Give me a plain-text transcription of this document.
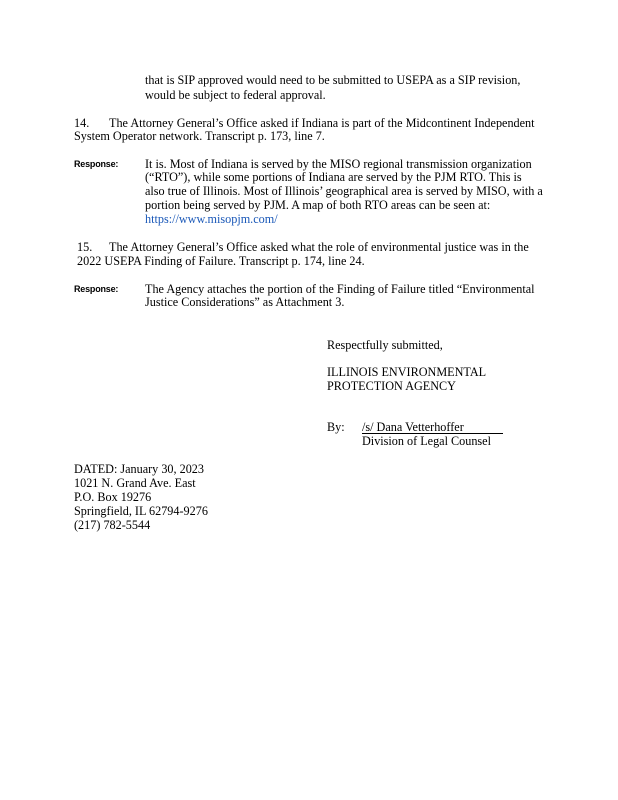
that is SIP approved would need to be submitted to USEPA as a SIP revision,
would be subject to federal approval.
14. The Attorney General’s Office asked if Indiana is part of the Midcontinent Independent
System Operator network. Transcript p. 173, line 7.
Response: It is. Most of Indiana is served by the MISO regional transmission organization
(“RTO”), while some portions of Indiana are served by the PJM RTO. This is
also true of Illinois. Most of Illinois’ geographical area is served by MISO, with a
portion being served by PJM. A map of both RTO areas can be seen at:
https://www.misopjm.com/
15. The Attorney General’s Office asked what the role of environmental justice was in the
2022 USEPA Finding of Failure. Transcript p. 174, line 24.
Response: The Agency attaches the portion of the Finding of Failure titled “Environmental
Justice Considerations” as Attachment 3.
Respectfully submitted,
ILLINOIS ENVIRONMENTAL
PROTECTION AGENCY
By: /s/ Dana Vetterhoffer
Division of Legal Counsel
DATED: January 30, 2023
1021 N. Grand Ave. East
P.O. Box 19276
Springfield, IL 62794-9276
(217) 782-5544
